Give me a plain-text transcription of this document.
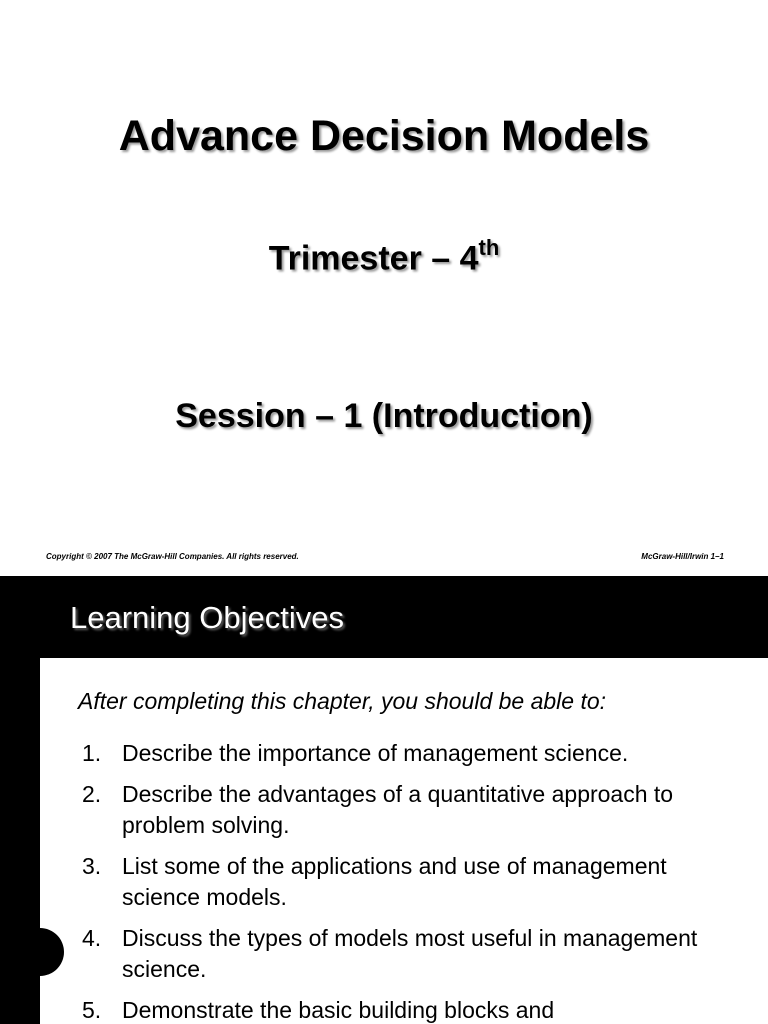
Advance Decision Models
Trimester – 4th
Session – 1 (Introduction)
Copyright © 2007 The McGraw-Hill Companies. All rights reserved.	McGraw-Hill/Irwin 1–1
Learning Objectives
After completing this chapter, you should be able to:
1. Describe the importance of management science.
2. Describe the advantages of a quantitative approach to problem solving.
3. List some of the applications and use of management science models.
4. Discuss the types of models most useful in management science.
5. Demonstrate the basic building blocks and
